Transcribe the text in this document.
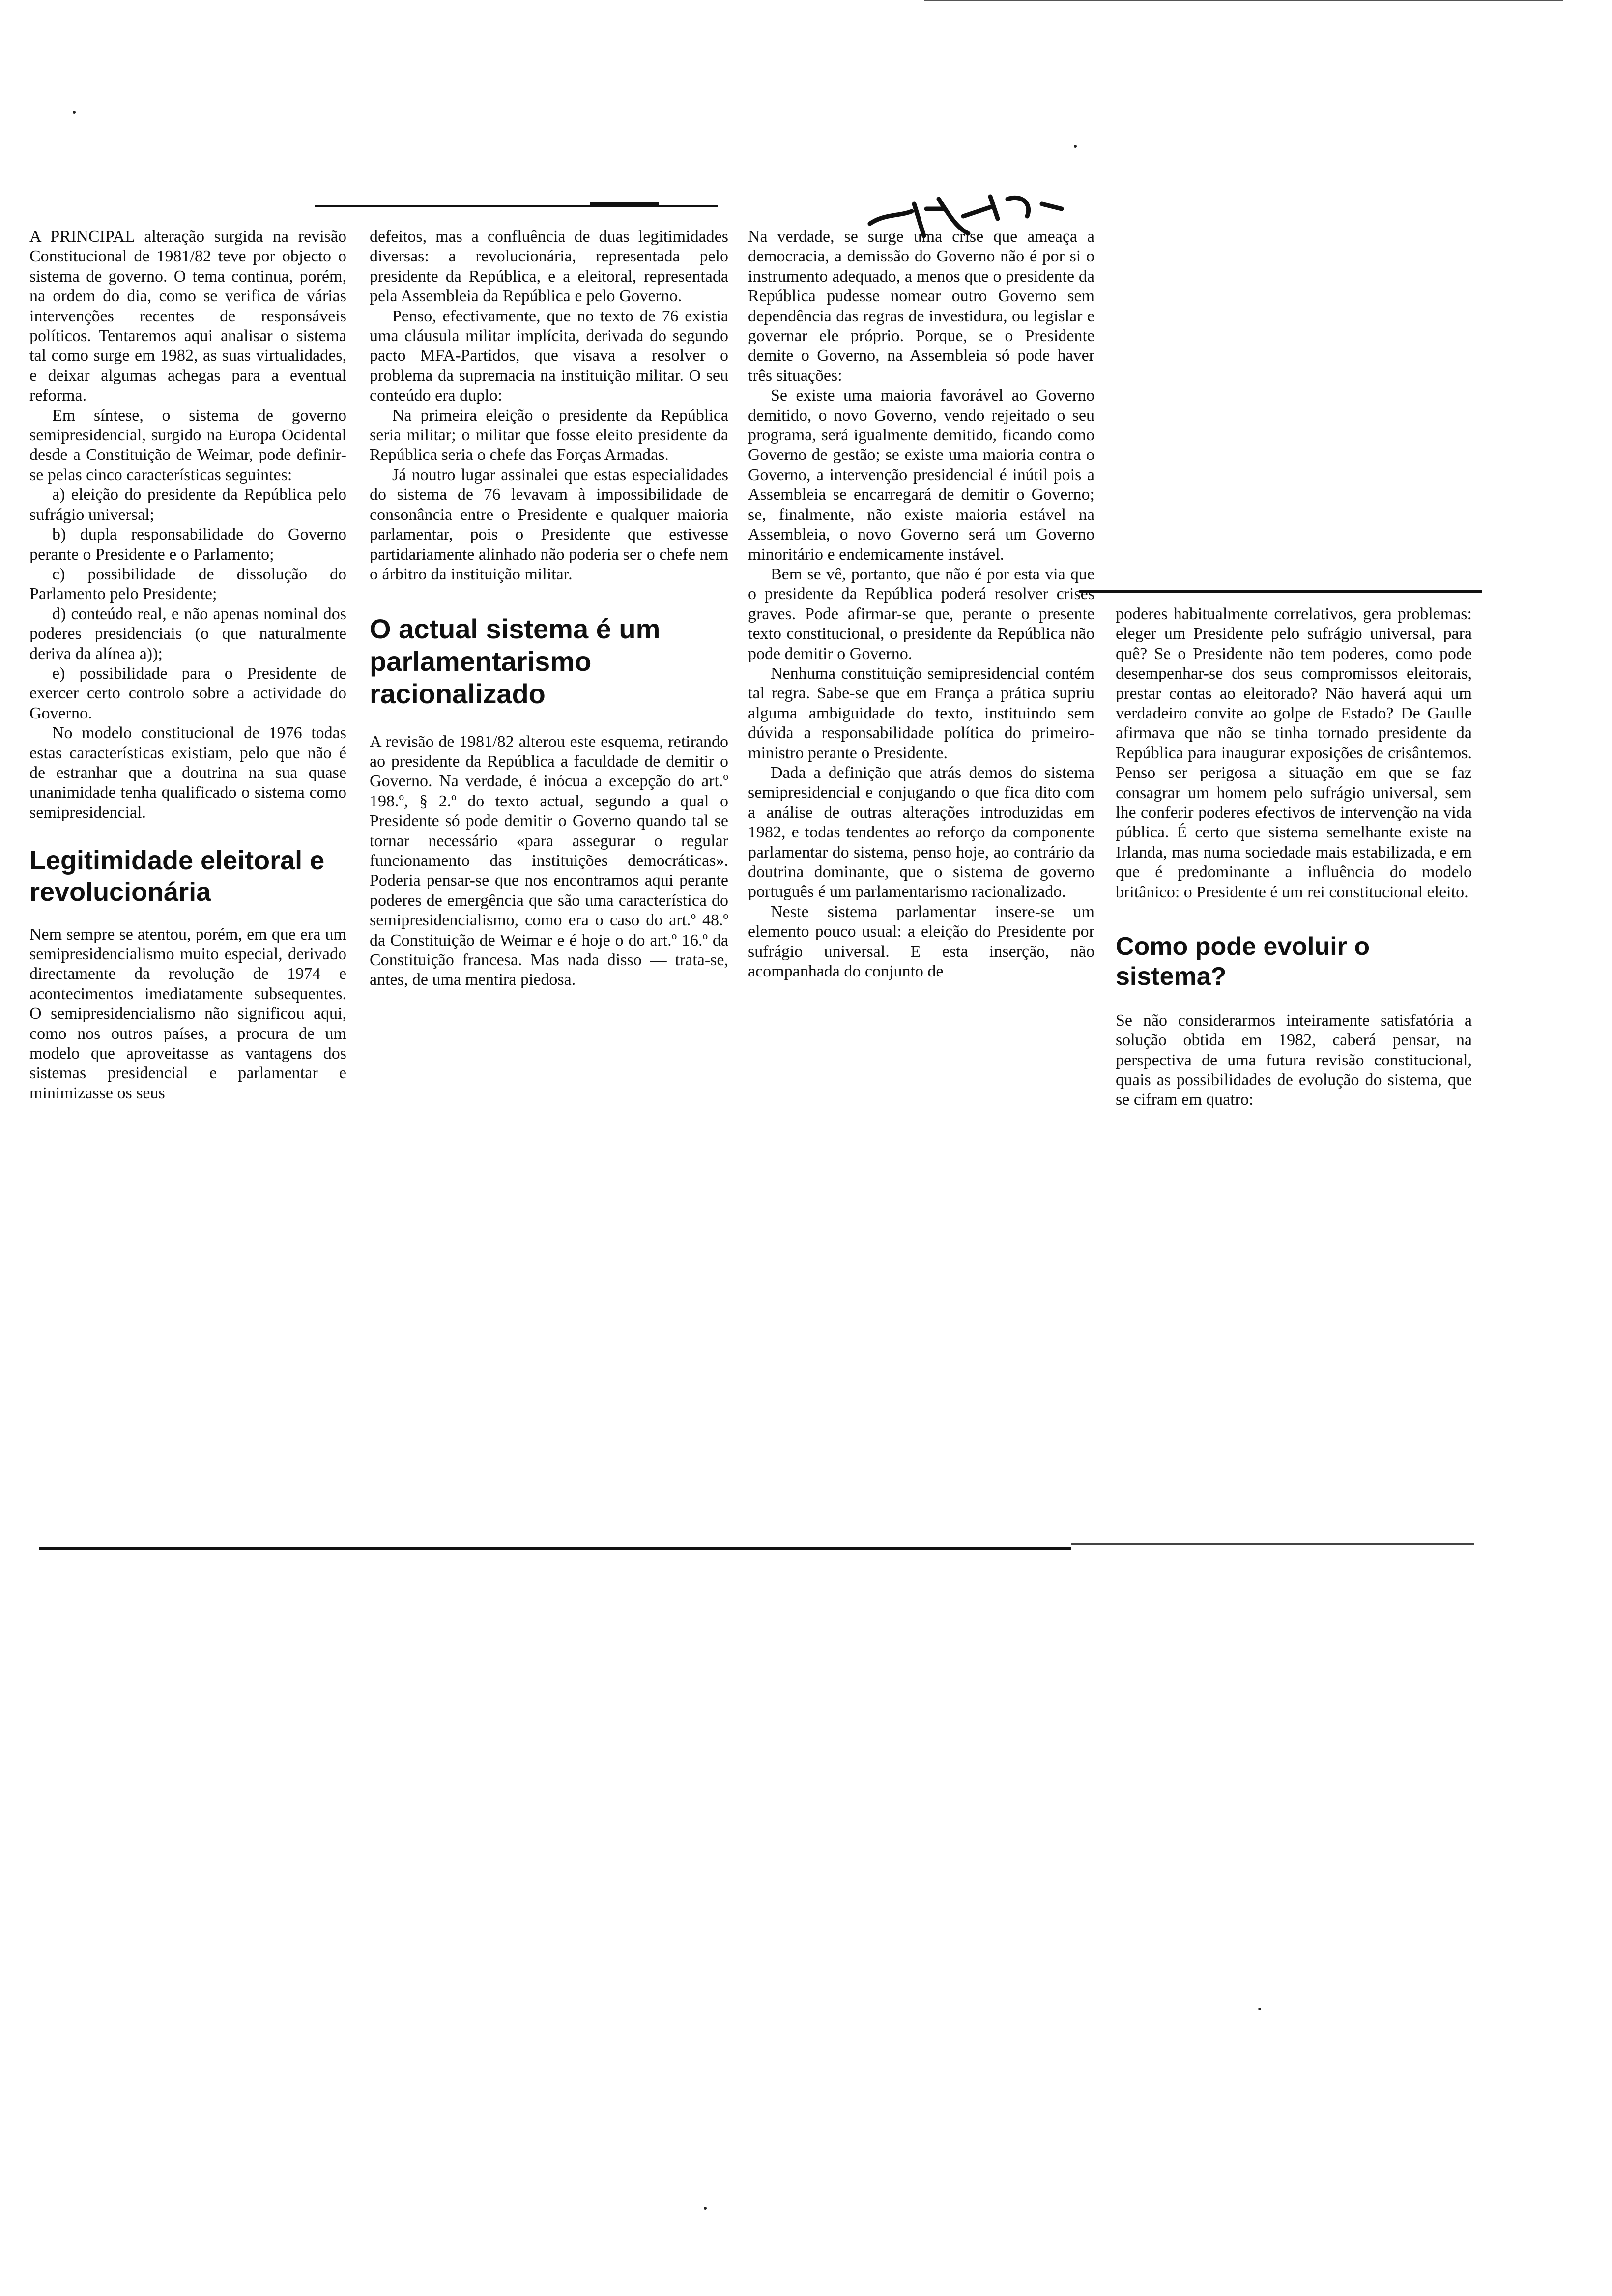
A PRINCIPAL alteração surgida na revisão Constitucional de 1981/82 teve por objecto o sistema de governo. O tema continua, porém, na ordem do dia, como se verifica de várias intervenções recentes de responsáveis políticos. Tentaremos aqui analisar o sistema tal como surge em 1982, as suas virtualidades, e deixar algumas achegas para a eventual reforma.

Em síntese, o sistema de governo semipresidencial, surgido na Europa Ocidental desde a Constituição de Weimar, pode definir-se pelas cinco características seguintes:

a) eleição do presidente da República pelo sufrágio universal;

b) dupla responsabilidade do Governo perante o Presidente e o Parlamento;

c) possibilidade de dissolução do Parlamento pelo Presidente;

d) conteúdo real, e não apenas nominal dos poderes presidenciais (o que naturalmente deriva da alínea a));

e) possibilidade para o Presidente de exercer certo controlo sobre a actividade do Governo.

No modelo constitucional de 1976 todas estas características existiam, pelo que não é de estranhar que a doutrina na sua quase unanimidade tenha qualificado o sistema como semipresidencial.

Legitimidade eleitoral e revolucionária

Nem sempre se atentou, porém, em que era um semipresidencialismo muito especial, derivado directamente da revolução de 1974 e acontecimentos imediatamente subsequentes. O semipresidencialismo não significou aqui, como nos outros países, a procura de um modelo que aproveitasse as vantagens dos sistemas presidencial e parlamentar e minimizasse os seus

defeitos, mas a confluência de duas legitimidades diversas: a revolucionária, representada pelo presidente da República, e a eleitoral, representada pela Assembleia da República e pelo Governo.

Penso, efectivamente, que no texto de 76 existia uma cláusula militar implícita, derivada do segundo pacto MFA-Partidos, que visava a resolver o problema da supremacia na instituição militar. O seu conteúdo era duplo:

Na primeira eleição o presidente da República seria militar; o militar que fosse eleito presidente da República seria o chefe das Forças Armadas.

Já noutro lugar assinalei que estas especialidades do sistema de 76 levavam à impossibilidade de consonância entre o Presidente e qualquer maioria parlamentar, pois o Presidente que estivesse partidariamente alinhado não poderia ser o chefe nem o árbitro da instituição militar.

O actual sistema é um parlamentarismo racionalizado

A revisão de 1981/82 alterou este esquema, retirando ao presidente da República a faculdade de demitir o Governo. Na verdade, é inócua a excepção do art.º 198.º, § 2.º do texto actual, segundo a qual o Presidente só pode demitir o Governo quando tal se tornar necessário «para assegurar o regular funcionamento das instituições democráticas». Poderia pensar-se que nos encontramos aqui perante poderes de emergência que são uma característica do semipresidencialismo, como era o caso do art.º 48.º da Constituição de Weimar e é hoje o do art.º 16.º da Constituição francesa. Mas nada disso — trata-se, antes, de uma mentira piedosa.

Na verdade, se surge uma crise que ameaça a democracia, a demissão do Governo não é por si o instrumento adequado, a menos que o presidente da República pudesse nomear outro Governo sem dependência das regras de investidura, ou legislar e governar ele próprio. Porque, se o Presidente demite o Governo, na Assembleia só pode haver três situações:

Se existe uma maioria favorável ao Governo demitido, o novo Governo, vendo rejeitado o seu programa, será igualmente demitido, ficando como Governo de gestão; se existe uma maioria contra o Governo, a intervenção presidencial é inútil pois a Assembleia se encarregará de demitir o Governo; se, finalmente, não existe maioria estável na Assembleia, o novo Governo será um Governo minoritário e endemicamente instável.

Bem se vê, portanto, que não é por esta via que o presidente da República poderá resolver crises graves. Pode afirmar-se que, perante o presente texto constitucional, o presidente da República não pode demitir o Governo.

Nenhuma constituição semipresidencial contém tal regra. Sabe-se que em França a prática supriu alguma ambiguidade do texto, instituindo sem dúvida a responsabilidade política do primeiro-ministro perante o Presidente.

Dada a definição que atrás demos do sistema semipresidencial e conjugando o que fica dito com a análise de outras alterações introduzidas em 1982, e todas tendentes ao reforço da componente parlamentar do sistema, penso hoje, ao contrário da doutrina dominante, que o sistema de governo português é um parlamentarismo racionalizado.

Neste sistema parlamentar insere-se um elemento pouco usual: a eleição do Presidente por sufrágio universal. E esta inserção, não acompanhada do conjunto de

poderes habitualmente correlativos, gera problemas: eleger um Presidente pelo sufrágio universal, para quê? Se o Presidente não tem poderes, como pode desempenhar-se dos seus compromissos eleitorais, prestar contas ao eleitorado? Não haverá aqui um verdadeiro convite ao golpe de Estado? De Gaulle afirmava que não se tinha tornado presidente da República para inaugurar exposições de crisântemos. Penso ser perigosa a situação em que se faz consagrar um homem pelo sufrágio universal, sem lhe conferir poderes efectivos de intervenção na vida pública. É certo que sistema semelhante existe na Irlanda, mas numa sociedade mais estabilizada, e em que é predominante a influência do modelo britânico: o Presidente é um rei constitucional eleito.

Como pode evoluir o sistema?

Se não considerarmos inteiramente satisfatória a solução obtida em 1982, caberá pensar, na perspectiva de uma futura revisão constitucional, quais as possibilidades de evolução do sistema, que se cifram em quatro:
